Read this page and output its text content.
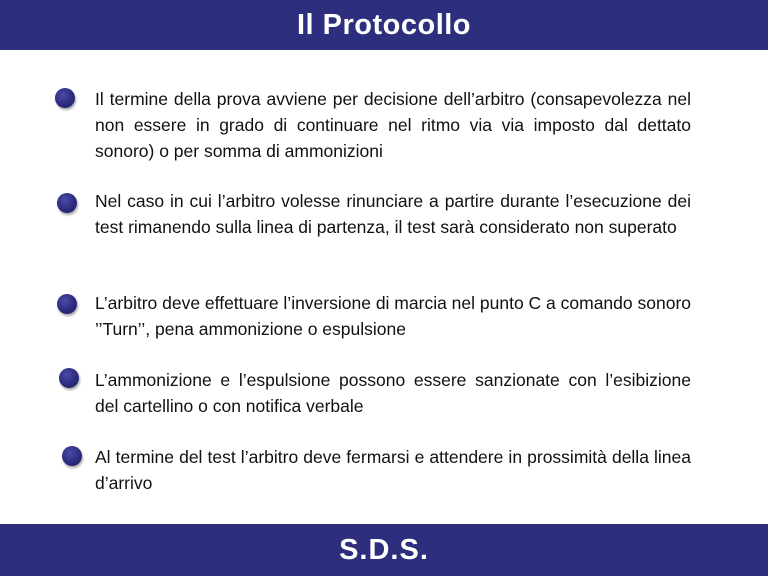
Il Protocollo
Il termine della prova avviene per decisione dell’arbitro (consapevolezza nel non essere in grado di continuare nel ritmo via via imposto dal dettato sonoro) o per somma di ammonizioni
Nel caso in cui l’arbitro volesse rinunciare a partire durante l’esecuzione dei test rimanendo sulla linea di partenza, il test sarà considerato non superato
L’arbitro deve effettuare l’inversione di marcia nel punto C a comando sonoro ’’Turn’’, pena ammonizione o espulsione
L’ammonizione e l’espulsione possono essere sanzionate con l’esibizione del cartellino o con notifica verbale
Al termine del test l’arbitro deve fermarsi e attendere in prossimità della linea d’arrivo
S.D.S.
